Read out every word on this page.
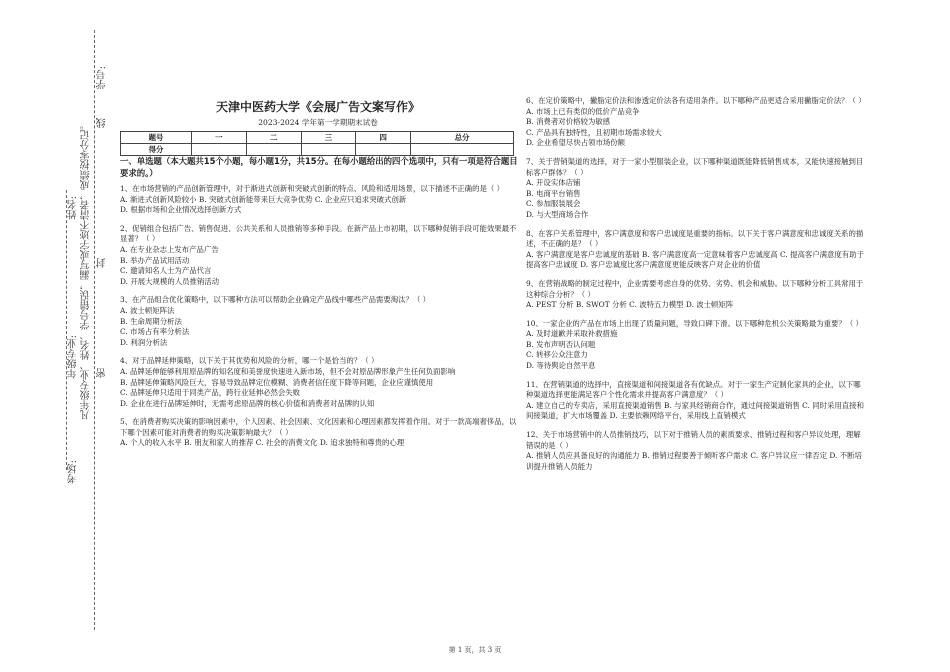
学号:
线
封
密
凡年级专业、姓名、学号错误，漏写或字迹不清者，成绩按零分记。
姓名:
年级专业:
考场:
天津中医药大学《会展广告文案写作》
2023-2024 学年第一学期期末试卷
题号	一	二	三	四	总分
得分					

一、单选题（本大题共15个小题，每小题1分，共15分。在每小题给出的四个选项中，只有一项是符合题目要求的。）

1、在市场营销的产品创新管理中，对于渐进式创新和突破式创新的特点、风险和适用场景，以下描述不正确的是（ ）

A. 渐进式创新风险较小 B. 突破式创新能带来巨大竞争优势 C. 企业应只追求突破式创新

D. 根据市场和企业情况选择创新方式

2、促销组合包括广告、销售促进、公共关系和人员推销等多种手段。在新产品上市初期，以下哪种促销手段可能效果最不显著？（ ）

A. 在专业杂志上发布产品广告

B. 举办产品试用活动

C. 邀请知名人士为产品代言

D. 开展大规模的人员推销活动

3、在产品组合优化策略中，以下哪种方法可以帮助企业确定产品线中哪些产品需要淘汰？（ ）

A. 波士顿矩阵法

B. 生命周期分析法

C. 市场占有率分析法

D. 利润分析法

4、对于品牌延伸策略，以下关于其优势和风险的分析，哪一个是恰当的？（ ）

A. 品牌延伸能够利用原品牌的知名度和美誉度快速进入新市场，但不会对原品牌形象产生任何负面影响

B. 品牌延伸策略风险巨大，容易导致品牌定位模糊、消费者信任度下降等问题，企业应谨慎使用

C. 品牌延伸只适用于同类产品，跨行业延伸必然会失败

D. 企业在进行品牌延伸时，无需考虑原品牌的核心价值和消费者对品牌的认知

5、在消费者购买决策的影响因素中，个人因素、社会因素、文化因素和心理因素都发挥着作用。对于一款高端奢侈品，以下哪个因素可能对消费者的购买决策影响最大？（ ）

A. 个人的收入水平 B. 朋友和家人的推荐 C. 社会的消费文化 D. 追求独特和尊贵的心理

6、在定价策略中，撇脂定价法和渗透定价法各有适用条件。以下哪种产品更适合采用撇脂定价法？（ ）

A. 市场上已有类似的低价产品竞争

B. 消费者对价格较为敏感

C. 产品具有独特性，且初期市场需求较大

D. 企业希望尽快占领市场份额

7、关于营销渠道的选择，对于一家小型服装企业，以下哪种渠道既能降低销售成本，又能快速接触到目标客户群体？（ ）

A. 开设实体店铺

B. 电商平台销售

C. 参加服装展会

D. 与大型商场合作

8、在客户关系管理中，客户满意度和客户忠诚度是重要的指标。以下关于客户满意度和忠诚度关系的描述，不正确的是？（ ）

A. 客户满意度是客户忠诚度的基础 B. 客户满意度高一定意味着客户忠诚度高 C. 提高客户满意度有助于提高客户忠诚度 D. 客户忠诚度比客户满意度更能反映客户对企业的价值

9、在营销战略的制定过程中，企业需要考虑自身的优势、劣势、机会和威胁。以下哪种分析工具常用于这种综合分析？（ ）

A. PEST 分析 B. SWOT 分析 C. 波特五力模型 D. 波士顿矩阵

10、一家企业的产品在市场上出现了质量问题，导致口碑下滑。以下哪种危机公关策略最为重要？（ ）

A. 及时道歉并采取补救措施

B. 发布声明否认问题

C. 转移公众注意力

D. 等待舆论自然平息

11、在营销渠道的选择中，直接渠道和间接渠道各有优缺点。对于一家生产定制化家具的企业，以下哪种渠道选择更能满足客户个性化需求并提高客户满意度？（ ）

A. 建立自己的专卖店，采用直接渠道销售 B. 与家具经销商合作，通过间接渠道销售 C. 同时采用直接和间接渠道，扩大市场覆盖 D. 主要依赖网络平台，采用线上直销模式

12、关于市场营销中的人员推销技巧，以下对于推销人员的素质要求、推销过程和客户异议处理，理解错误的是（ ）

A. 推销人员应具备良好的沟通能力 B. 推销过程要善于倾听客户需求 C. 客户异议应一律否定 D. 不断培训提升推销人员能力

第 1 页，共 3 页
